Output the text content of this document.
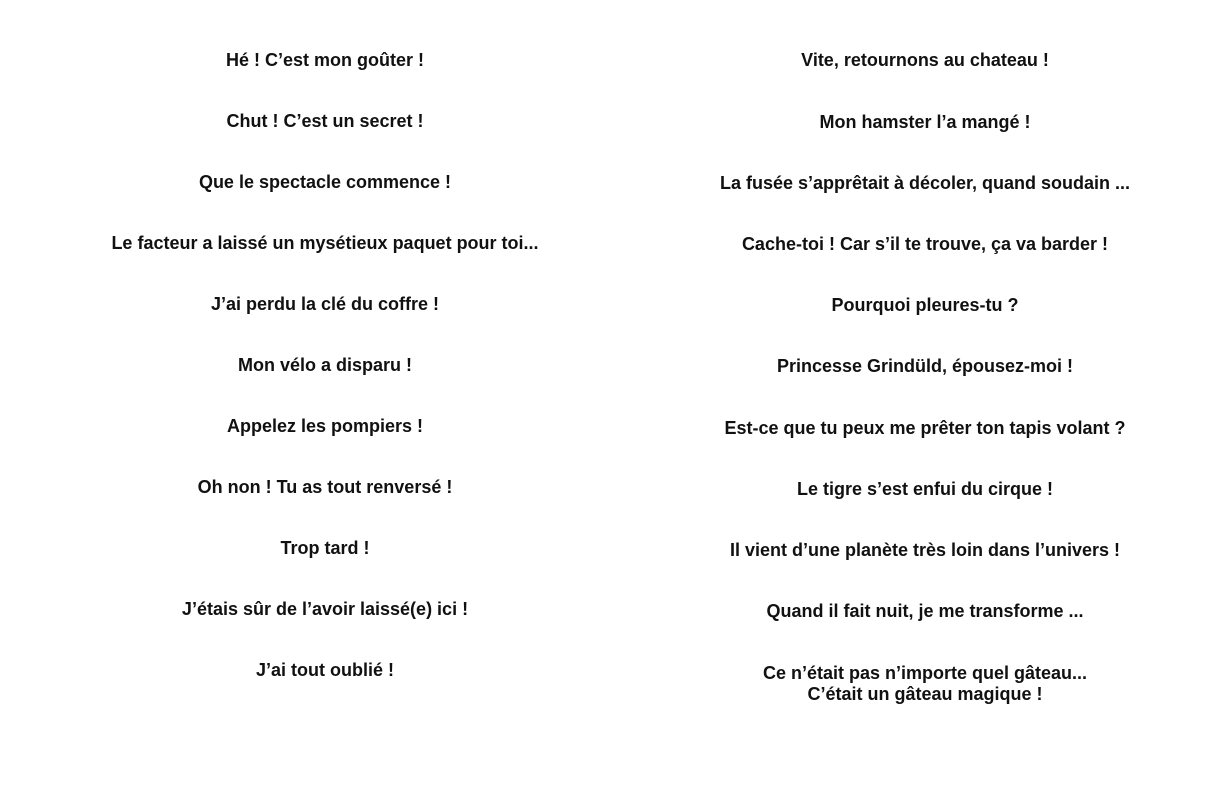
Hé ! C’est mon goûter !

Chut ! C’est un secret !

Que le spectacle commence !

Le facteur a laissé un mysétieux paquet pour toi...

J’ai perdu la clé du coffre !

Mon vélo a disparu !

Appelez les pompiers !

Oh non ! Tu as tout renversé !

Trop tard !

J’étais sûr de l’avoir laissé(e) ici !

J’ai tout oublié !

Vite, retournons au chateau !

Mon hamster l’a mangé !

La fusée s’apprêtait à décoler, quand soudain ...

Cache-toi ! Car s’il te trouve, ça va barder !

Pourquoi pleures-tu ?

Princesse Grindüld, épousez-moi !

Est-ce que tu peux me prêter ton tapis volant ?

Le tigre s’est enfui du cirque !

Il vient d’une planète très loin dans l’univers !

Quand il fait nuit, je me transforme ...

Ce n’était pas n’importe quel gâteau...
C’était un gâteau magique !
